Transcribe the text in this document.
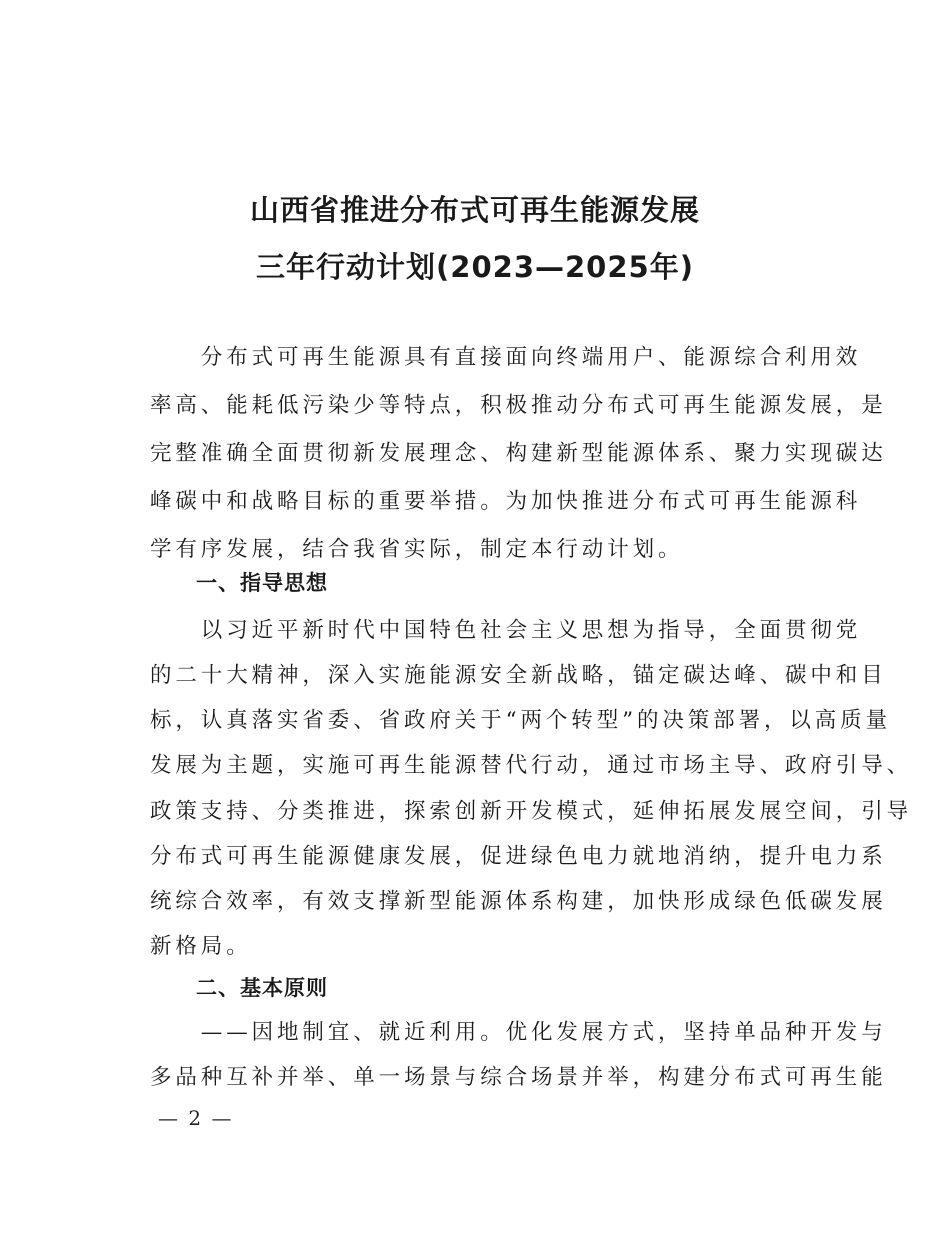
山西省推进分布式可再生能源发展
三年行动计划(2023—2025年)
　　分布式可再生能源具有直接面向终端用户、能源综合利用效
率高、能耗低污染少等特点，积极推动分布式可再生能源发展，是
完整准确全面贯彻新发展理念、构建新型能源体系、聚力实现碳达
峰碳中和战略目标的重要举措。为加快推进分布式可再生能源科
学有序发展，结合我省实际，制定本行动计划。
一、指导思想
　　以习近平新时代中国特色社会主义思想为指导，全面贯彻党
的二十大精神，深入实施能源安全新战略，锚定碳达峰、碳中和目
标，认真落实省委、省政府关于“两个转型”的决策部署，以高质量
发展为主题，实施可再生能源替代行动，通过市场主导、政府引导、
政策支持、分类推进，探索创新开发模式，延伸拓展发展空间，引导
分布式可再生能源健康发展，促进绿色电力就地消纳，提升电力系
统综合效率，有效支撑新型能源体系构建，加快形成绿色低碳发展
新格局。
二、基本原则
　　——因地制宜、就近利用。优化发展方式，坚持单品种开发与
多品种互补并举、单一场景与综合场景并举，构建分布式可再生能
— 2 —
